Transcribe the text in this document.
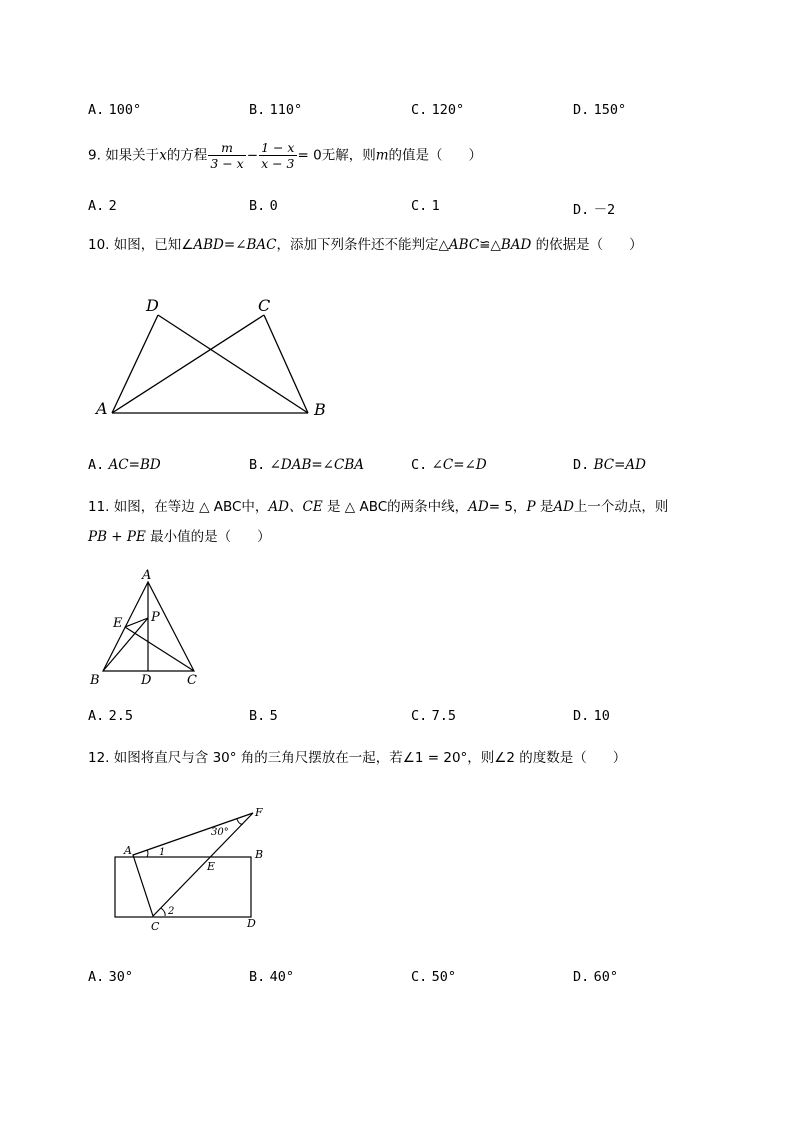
A. 100°	B. 110°	C. 120°	D. 150°
9. 如果关于x的方程 $\frac{m}{3 - x} - \frac{1 - x}{x - 3} = 0$无解，则m的值是（ ）
A. 2	B. 0	C. 1	D. －2
10. 如图，已知∠ABD=∠BAC，添加下列条件还不能判定△ABC≌△BAD 的依据是（ ）
D	C
A	B
A. AC=BD	B. ∠DAB=∠CBA	C. ∠C=∠D	D. BC=AD
11. 如图，在等边 △ ABC中，AD、CE 是 △ ABC的两条中线，AD= 5，P 是AD上一个动点，则
PB + PE 最小值的是（ ）
A
E P
B	D	C
A. 2.5	B. 5	C. 7.5	D. 10
12. 如图将直尺与含 30° 角的三角尺摆放在一起，若∠1 = 20°，则∠2 的度数是（ ）
A
F
B
E
C	D
1
2
30°
A. 30°	B. 40°	C. 50°	D. 60°
